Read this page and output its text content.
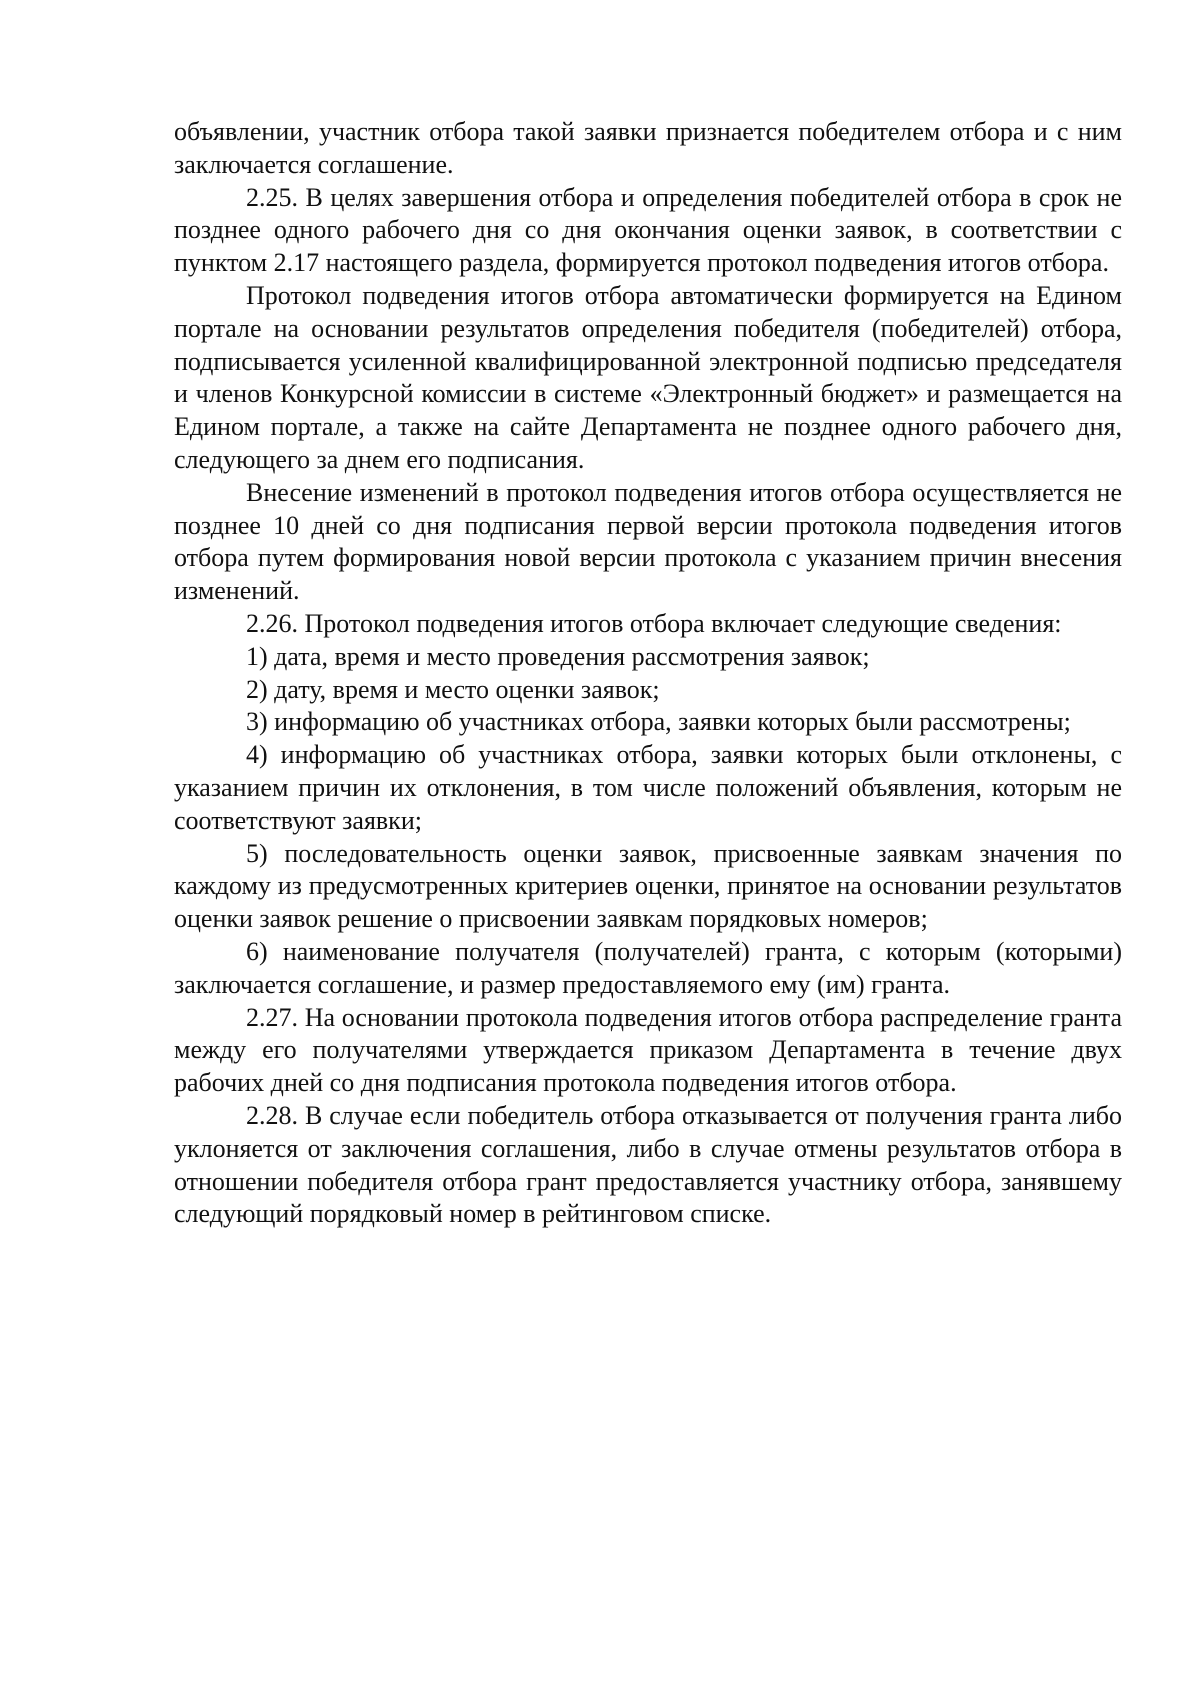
объявлении, участник отбора такой заявки признается победителем отбора и с ним заключается соглашение.

2.25. В целях завершения отбора и определения победителей отбора в срок не позднее одного рабочего дня со дня окончания оценки заявок, в соответствии с пунктом 2.17 настоящего раздела, формируется протокол подведения итогов отбора.

Протокол подведения итогов отбора автоматически формируется на Едином портале на основании результатов определения победителя (победителей) отбора, подписывается усиленной квалифицированной электронной подписью председателя и членов Конкурсной комиссии в системе «Электронный бюджет» и размещается на Едином портале, а также на сайте Департамента не позднее одного рабочего дня, следующего за днем его подписания.

Внесение изменений в протокол подведения итогов отбора осуществляется не позднее 10 дней со дня подписания первой версии протокола подведения итогов отбора путем формирования новой версии протокола с указанием причин внесения изменений.

2.26. Протокол подведения итогов отбора включает следующие сведения:

1) дата, время и место проведения рассмотрения заявок;

2) дату, время и место оценки заявок;

3) информацию об участниках отбора, заявки которых были рассмотрены;

4) информацию об участниках отбора, заявки которых были отклонены, с указанием причин их отклонения, в том числе положений объявления, которым не соответствуют заявки;

5) последовательность оценки заявок, присвоенные заявкам значения по каждому из предусмотренных критериев оценки, принятое на основании результатов оценки заявок решение о присвоении заявкам порядковых номеров;

6) наименование получателя (получателей) гранта, с которым (которыми) заключается соглашение, и размер предоставляемого ему (им) гранта.

2.27. На основании протокола подведения итогов отбора распределение гранта между его получателями утверждается приказом Департамента в течение двух рабочих дней со дня подписания протокола подведения итогов отбора.

2.28. В случае если победитель отбора отказывается от получения гранта либо уклоняется от заключения соглашения, либо в случае отмены результатов отбора в отношении победителя отбора грант предоставляется участнику отбора, занявшему следующий порядковый номер в рейтинговом списке.
